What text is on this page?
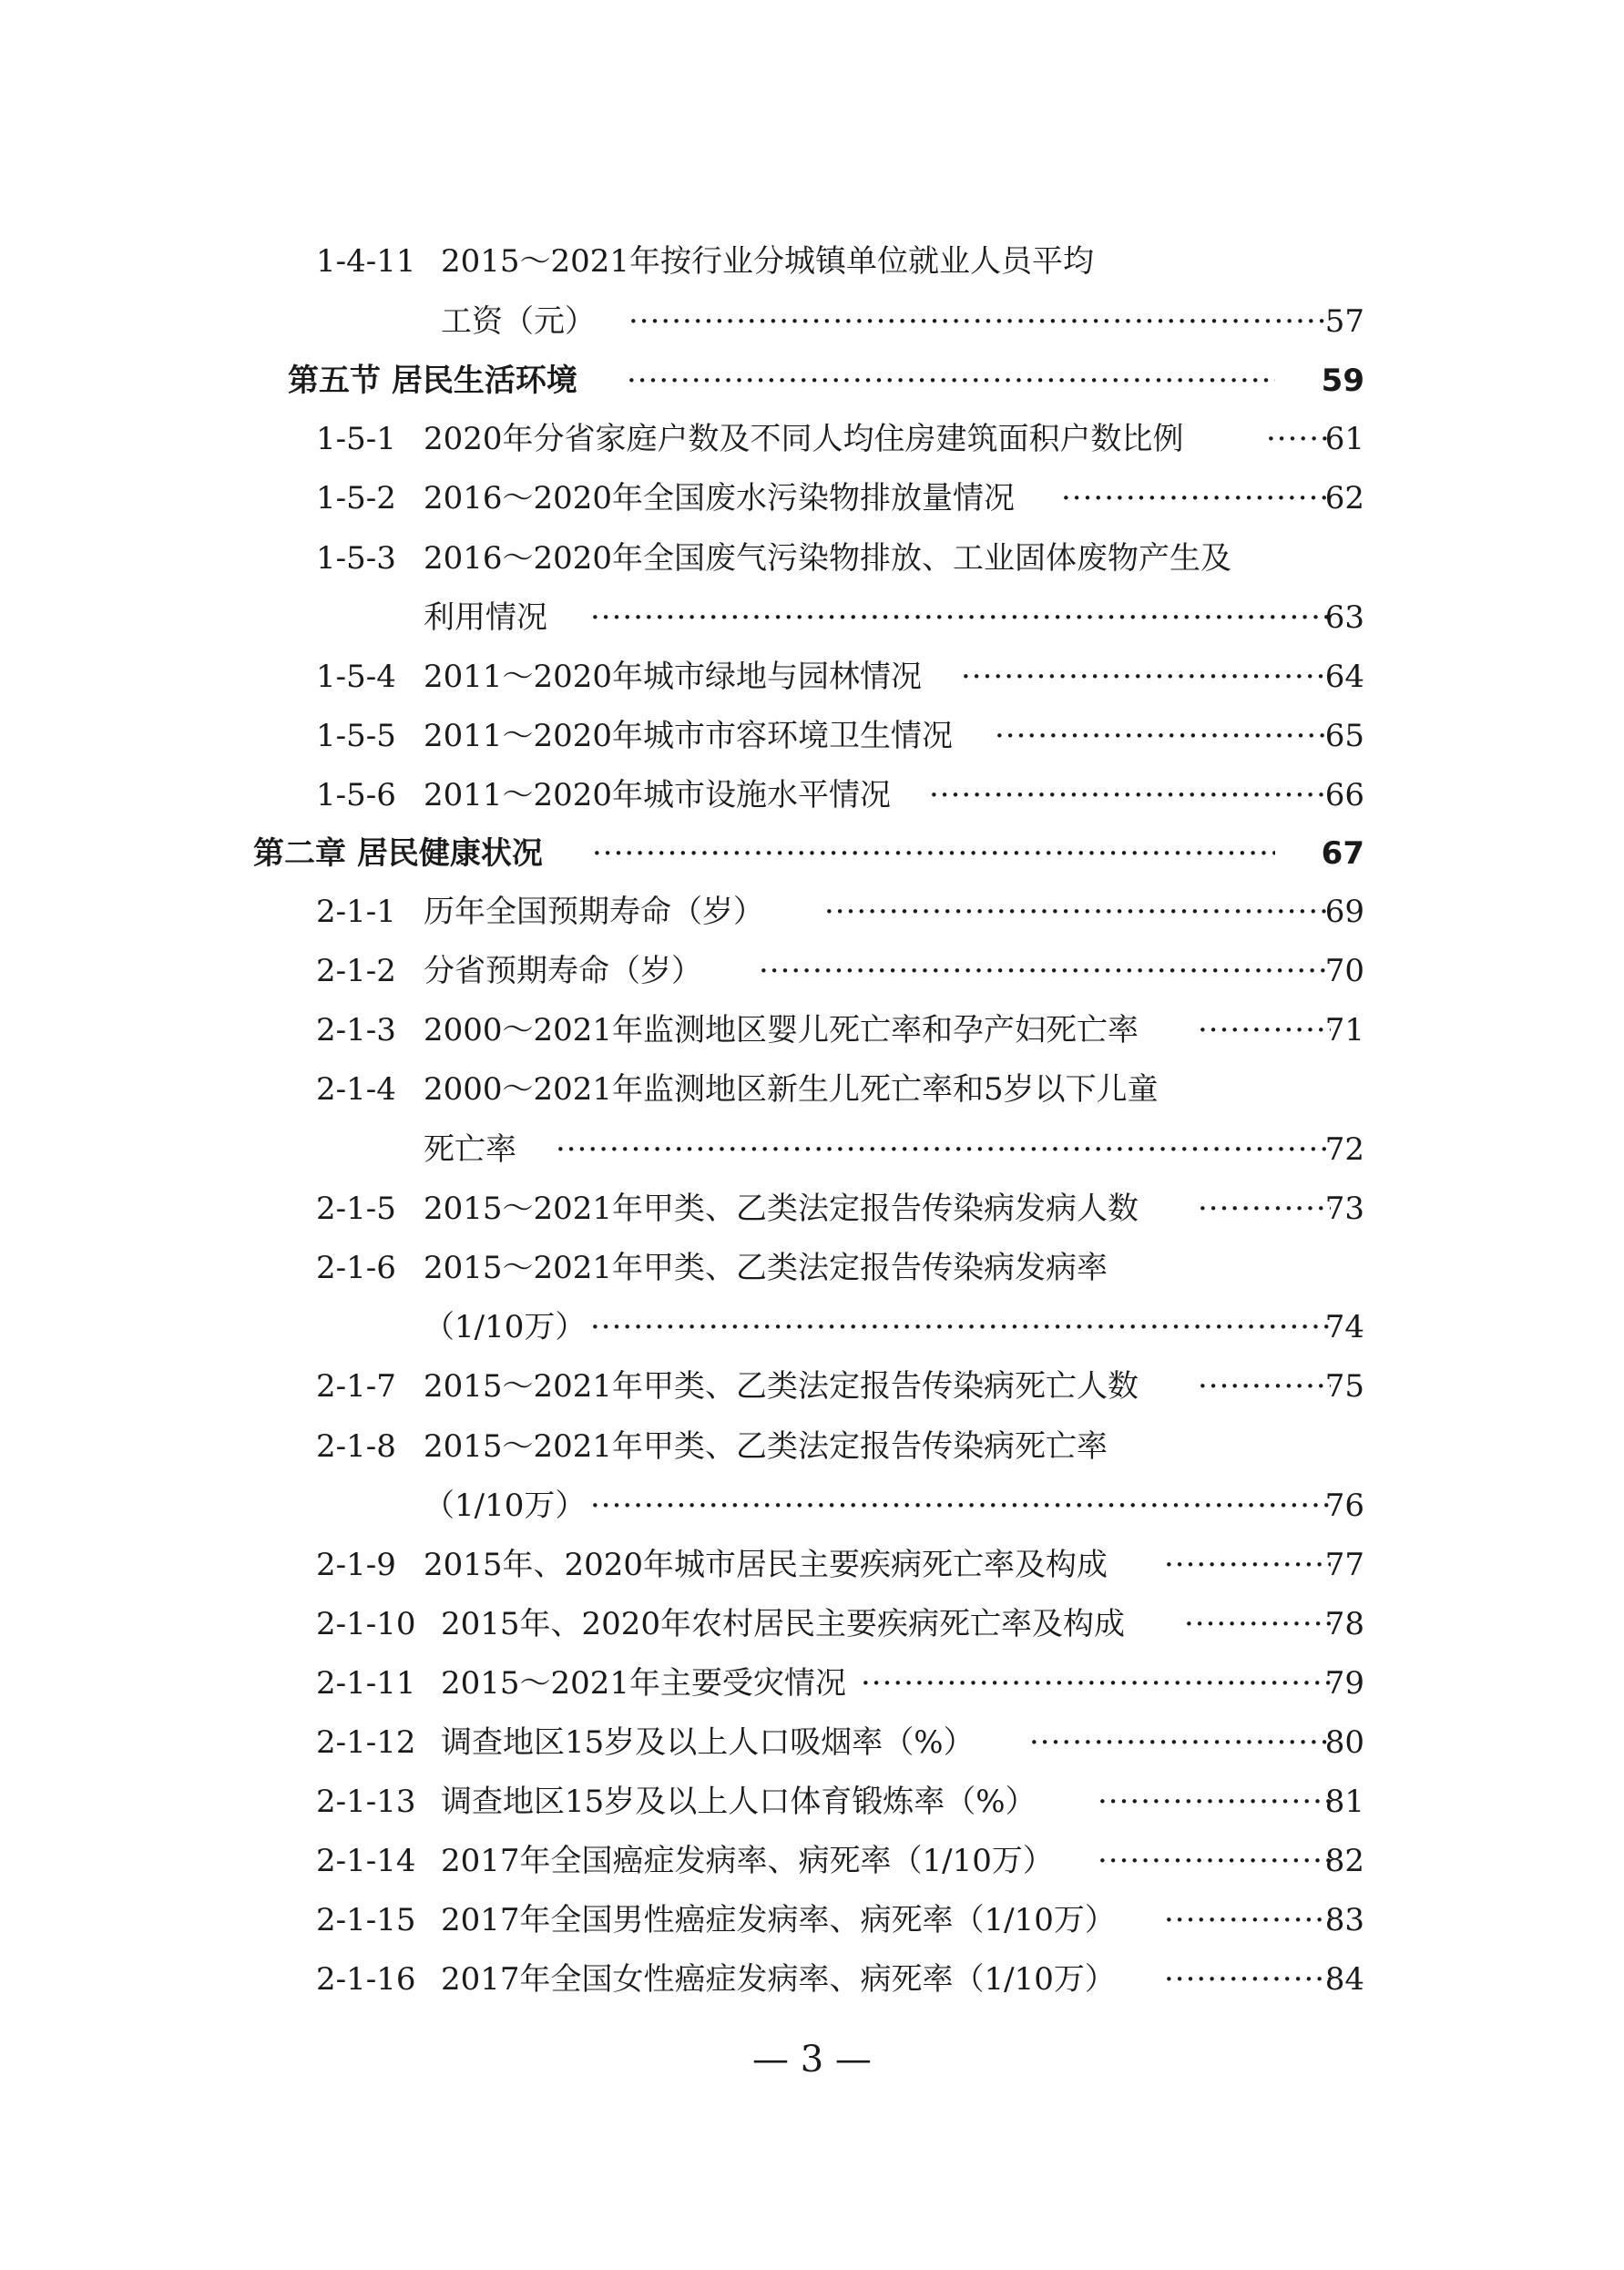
1-4-11 2015～2021年按行业分城镇单位就业人员平均
工资（元） ·····	57
第五节 居民生活环境 ·····	59
1-5-1 2020年分省家庭户数及不同人均住房建筑面积户数比例 ·····	61
1-5-2 2016～2020年全国废水污染物排放量情况 ·····	62
1-5-3 2016～2020年全国废气污染物排放、工业固体废物产生及
利用情况 ·····	63
1-5-4 2011～2020年城市绿地与园林情况 ·····	64
1-5-5 2011～2020年城市市容环境卫生情况 ·····	65
1-5-6 2011～2020年城市设施水平情况 ·····	66
第二章 居民健康状况 ·····	67
2-1-1 历年全国预期寿命（岁） ·····	69
2-1-2 分省预期寿命（岁） ·····	70
2-1-3 2000～2021年监测地区婴儿死亡率和孕产妇死亡率 ·····	71
2-1-4 2000～2021年监测地区新生儿死亡率和5岁以下儿童
死亡率 ·····	72
2-1-5 2015～2021年甲类、乙类法定报告传染病发病人数 ·····	73
2-1-6 2015～2021年甲类、乙类法定报告传染病发病率
（1/10万） ·····	74
2-1-7 2015～2021年甲类、乙类法定报告传染病死亡人数 ·····	75
2-1-8 2015～2021年甲类、乙类法定报告传染病死亡率
（1/10万） ·····	76
2-1-9 2015年、2020年城市居民主要疾病死亡率及构成 ·····	77
2-1-10 2015年、2020年农村居民主要疾病死亡率及构成 ·····	78
2-1-11 2015～2021年主要受灾情况 ·····	79
2-1-12 调查地区15岁及以上人口吸烟率（%） ·····	80
2-1-13 调查地区15岁及以上人口体育锻炼率（%） ·····	81
2-1-14 2017年全国癌症发病率、病死率（1/10万） ·····	82
2-1-15 2017年全国男性癌症发病率、病死率（1/10万） ·····	83
2-1-16 2017年全国女性癌症发病率、病死率（1/10万） ·····	84
— 3 —
